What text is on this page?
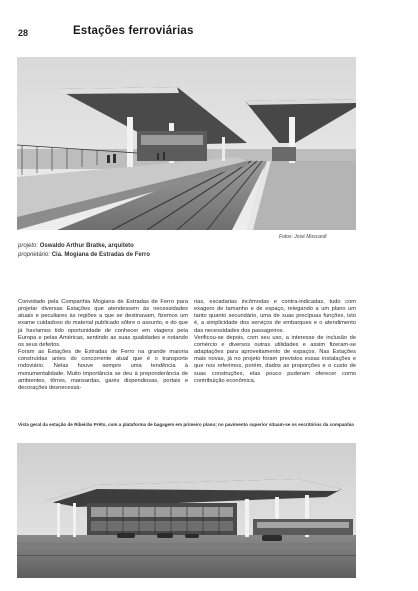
28	Estações ferroviárias
Fotos: José Moscardi
projeto: Oswaldo Arthur Bratke, arquiteto
proprietário: Cia. Mogiana de Estradas de Ferro

Convidado pela Companhia Mogiana de Estradas de Ferro para projetar diversas Estações que atendessem às necessidades atuais e peculiares às regiões a que se destinavam, fizemos um exame cuidadoso do material publicado sôbre o assunto, e do que já havíamos tido oportunidade de conhecer em viagens pela Europa e pelas Américas, sentindo as suas qualidades e notando os seus defeitos.

Foram as Estações de Estradas de Ferro na grande maioria construídas antes do concorrente atual que é o transporte rodoviário. Nelas houve sempre uma tendência à monumentalidade. Muito importância se deu à preponderância de ambientes, tôrres, mansardas, garés dispendiosas, portais e decorações desnecessá-

rias, escadarias incômodas e contra-indicadas, tudo com exagero de tamanho e de espaço, relegando a um plano um tanto quanto secundário, uma de suas precípuas funções, isto é, a simplicidade dos serviços de embarques e o atendimento das necessidades dos passageiros.

Verificou-se depois, com seu uso, a interesse de inclusão de comércio e diversos outras utilidades e assim fizeram-se adaptações para aproveitamento de espaços. Nas Estações mais novas, já no projeto foram previstos essas instalações e que nos referimos, porém, dados as proporções e o custo de suas construções, elas pouco puderam oferecer como contribuição econômica.

Vista geral da estação de Ribeirão Prêto, com a plataforma de bagagem em primeiro plano; no pavimento superior situam-se os escritórios da companhia
